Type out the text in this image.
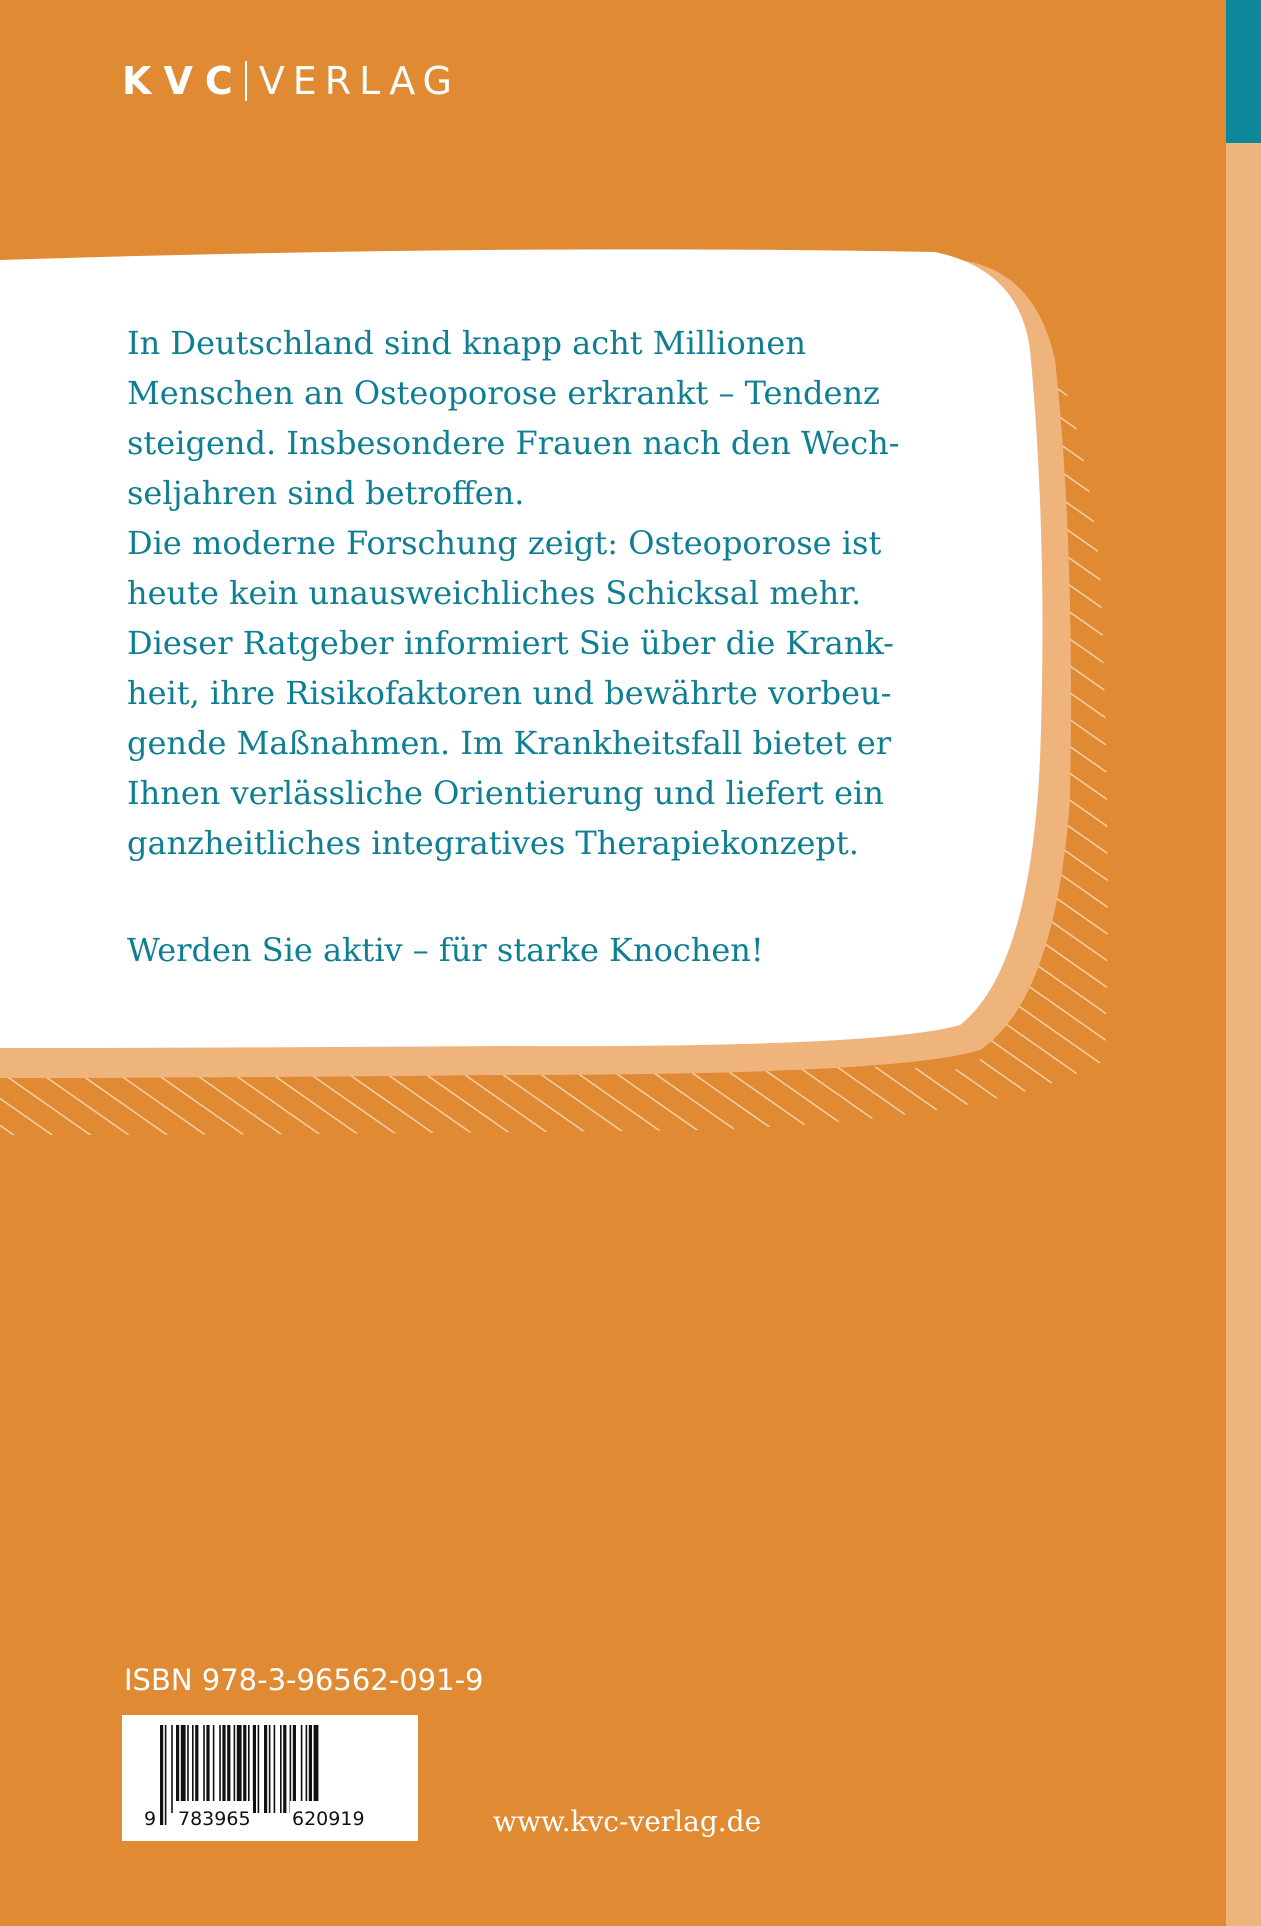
KVC VERLAG

In Deutschland sind knapp acht Millionen

Menschen an Osteoporose erkrankt – Tendenz

steigend. Insbesondere Frauen nach den Wech-

seljahren sind betroffen.

Die moderne Forschung zeigt: Osteoporose ist

heute kein unausweichliches Schicksal mehr.

Dieser Ratgeber informiert Sie über die Krank-

heit, ihre Risikofaktoren und bewährte vorbeu-

gende Maßnahmen. Im Krankheitsfall bietet er

Ihnen verlässliche Orientierung und liefert ein

ganzheitliches integratives Therapiekonzept.

Werden Sie aktiv – für starke Knochen!

ISBN 978-3-96562-091-9
9 783965 620919	www.kvc-verlag.de
